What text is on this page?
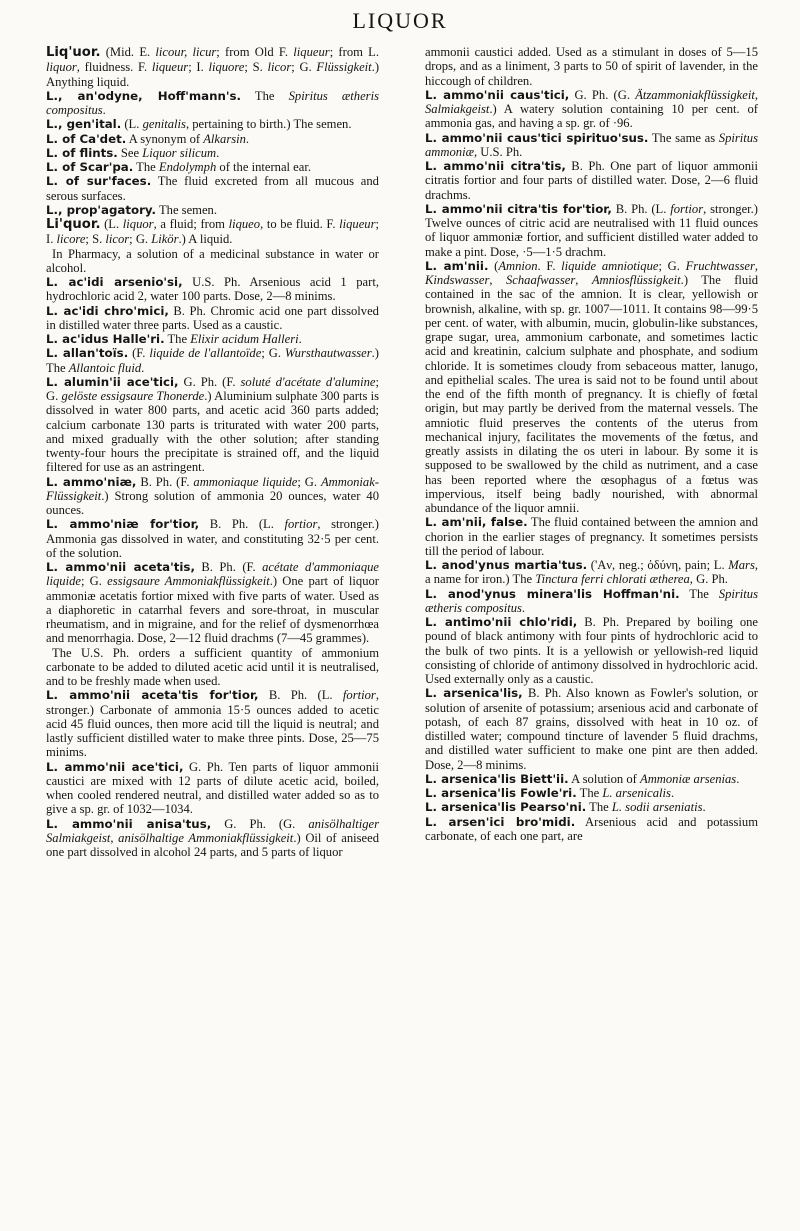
LIQUOR

Liq'uor. (Mid. E. licour, licur; from Old F. liqueur; from L. liquor, fluidness. F. liqueur; I. liquore; S. licor; G. Flüssigkeit.) Anything liquid.

L., an'odyne, Hoff'mann's. The Spiritus ætheris compositus.

L., gen'ital. (L. genitalis, pertaining to birth.) The semen.

L. of Ca'det. A synonym of Alkarsin.

L. of flints. See Liquor silicum.

L. of Scar'pa. The Endolymph of the internal ear.

L. of sur'faces. The fluid excreted from all mucous and serous surfaces.

L., prop'agatory. The semen.

Li'quor. (L. liquor, a fluid; from liqueo, to be fluid. F. liqueur; I. licore; S. licor; G. Likör.) A liquid.

In Pharmacy, a solution of a medicinal substance in water or alcohol.

L. ac'idi arsenio'si, U.S. Ph. Arsenious acid 1 part, hydrochloric acid 2, water 100 parts. Dose, 2—8 minims.

L. ac'idi chro'mici, B. Ph. Chromic acid one part dissolved in distilled water three parts. Used as a caustic.

L. ac'idus Halle'ri. The Elixir acidum Halleri.

L. allan'toïs. (F. liquide de l'allantoïde; G. Wursthautwasser.) The Allantoic fluid.

L. alumin'ii ace'tici, G. Ph. (F. soluté d'acétate d'alumine; G. gelöste essigsaure Thonerde.) Aluminium sulphate 300 parts is dissolved in water 800 parts, and acetic acid 360 parts added; calcium carbonate 130 parts is triturated with water 200 parts, and mixed gradually with the other solution; after standing twenty-four hours the precipitate is strained off, and the liquid filtered for use as an astringent.

L. ammo'niæ, B. Ph. (F. ammoniaque liquide; G. Ammoniak-Flüssigkeit.) Strong solution of ammonia 20 ounces, water 40 ounces.

L. ammo'niæ for'tior, B. Ph. (L. fortior, stronger.) Ammonia gas dissolved in water, and constituting 32·5 per cent. of the solution.

L. ammo'nii aceta'tis, B. Ph. (F. acétate d'ammoniaque liquide; G. essigsaure Ammoniakflüssigkeit.) One part of liquor ammoniæ acetatis fortior mixed with five parts of water. Used as a diaphoretic in catarrhal fevers and sore-throat, in muscular rheumatism, and in migraine, and for the relief of dysmenorrhœa and menorrhagia. Dose, 2—12 fluid drachms (7—45 grammes).

The U.S. Ph. orders a sufficient quantity of ammonium carbonate to be added to diluted acetic acid until it is neutralised, and to be freshly made when used.

L. ammo'nii aceta'tis for'tior, B. Ph. (L. fortior, stronger.) Carbonate of ammonia 15·5 ounces added to acetic acid 45 fluid ounces, then more acid till the liquid is neutral; and lastly sufficient distilled water to make three pints. Dose, 25—75 minims.

L. ammo'nii ace'tici, G. Ph. Ten parts of liquor ammonii caustici are mixed with 12 parts of dilute acetic acid, boiled, when cooled rendered neutral, and distilled water added so as to give a sp. gr. of 1032—1034.

L. ammo'nii anisa'tus, G. Ph. (G. anisölhaltiger Salmiakgeist, anisölhaltige Ammoniakflüssigkeit.) Oil of aniseed one part dissolved in alcohol 24 parts, and 5 parts of liquor

ammonii caustici added. Used as a stimulant in doses of 5—15 drops, and as a liniment, 3 parts to 50 of spirit of lavender, in the hiccough of children.

L. ammo'nii caus'tici, G. Ph. (G. Ätzammoniakflüssigkeit, Salmiakgeist.) A watery solution containing 10 per cent. of ammonia gas, and having a sp. gr. of ·96.

L. ammo'nii caus'tici spirituo'sus. The same as Spiritus ammoniæ, U.S. Ph.

L. ammo'nii citra'tis, B. Ph. One part of liquor ammonii citratis fortior and four parts of distilled water. Dose, 2—6 fluid drachms.

L. ammo'nii citra'tis for'tior, B. Ph. (L. fortior, stronger.) Twelve ounces of citric acid are neutralised with 11 fluid ounces of liquor ammoniæ fortior, and sufficient distilled water added to make a pint. Dose, ·5—1·5 drachm.

L. am'nii. (Amnion. F. liquide amniotique; G. Fruchtwasser, Kindswasser, Schaafwasser, Amniosflüssigkeit.) The fluid contained in the sac of the amnion. It is clear, yellowish or brownish, alkaline, with sp. gr. 1007—1011. It contains 98—99·5 per cent. of water, with albumin, mucin, globulin-like substances, grape sugar, urea, ammonium carbonate, and sometimes lactic acid and kreatinin, calcium sulphate and phosphate, and sodium chloride. It is sometimes cloudy from sebaceous matter, lanugo, and epithelial scales. The urea is said not to be found until about the end of the fifth month of pregnancy. It is chiefly of fœtal origin, but may partly be derived from the maternal vessels. The amniotic fluid preserves the contents of the uterus from mechanical injury, facilitates the movements of the fœtus, and greatly assists in dilating the os uteri in labour. By some it is supposed to be swallowed by the child as nutriment, and a case has been reported where the œsophagus of a fœtus was impervious, itself being badly nourished, with abnormal abundance of the liquor amnii.

L. am'nii, false. The fluid contained between the amnion and chorion in the earlier stages of pregnancy. It sometimes persists till the period of labour.

L. anod'ynus martia'tus. ('Aν, neg.; ὀδύνη, pain; L. Mars, a name for iron.) The Tinctura ferri chlorati ætherea, G. Ph.

L. anod'ynus minera'lis Hoffman'ni. The Spiritus ætheris compositus.

L. antimo'nii chlo'ridi, B. Ph. Prepared by boiling one pound of black antimony with four pints of hydrochloric acid to the bulk of two pints. It is a yellowish or yellowish-red liquid consisting of chloride of antimony dissolved in hydrochloric acid. Used externally only as a caustic.

L. arsenica'lis, B. Ph. Also known as Fowler's solution, or solution of arsenite of potassium; arsenious acid and carbonate of potash, of each 87 grains, dissolved with heat in 10 oz. of distilled water; compound tincture of lavender 5 fluid drachms, and distilled water sufficient to make one pint are then added. Dose, 2—8 minims.

L. arsenica'lis Biett'ii. A solution of Ammoniæ arsenias.

L. arsenica'lis Fowle'ri. The L. arsenicalis.

L. arsenica'lis Pearso'ni. The L. sodii arseniatis.

L. arsen'ici bro'midi. Arsenious acid and potassium carbonate, of each one part, are
